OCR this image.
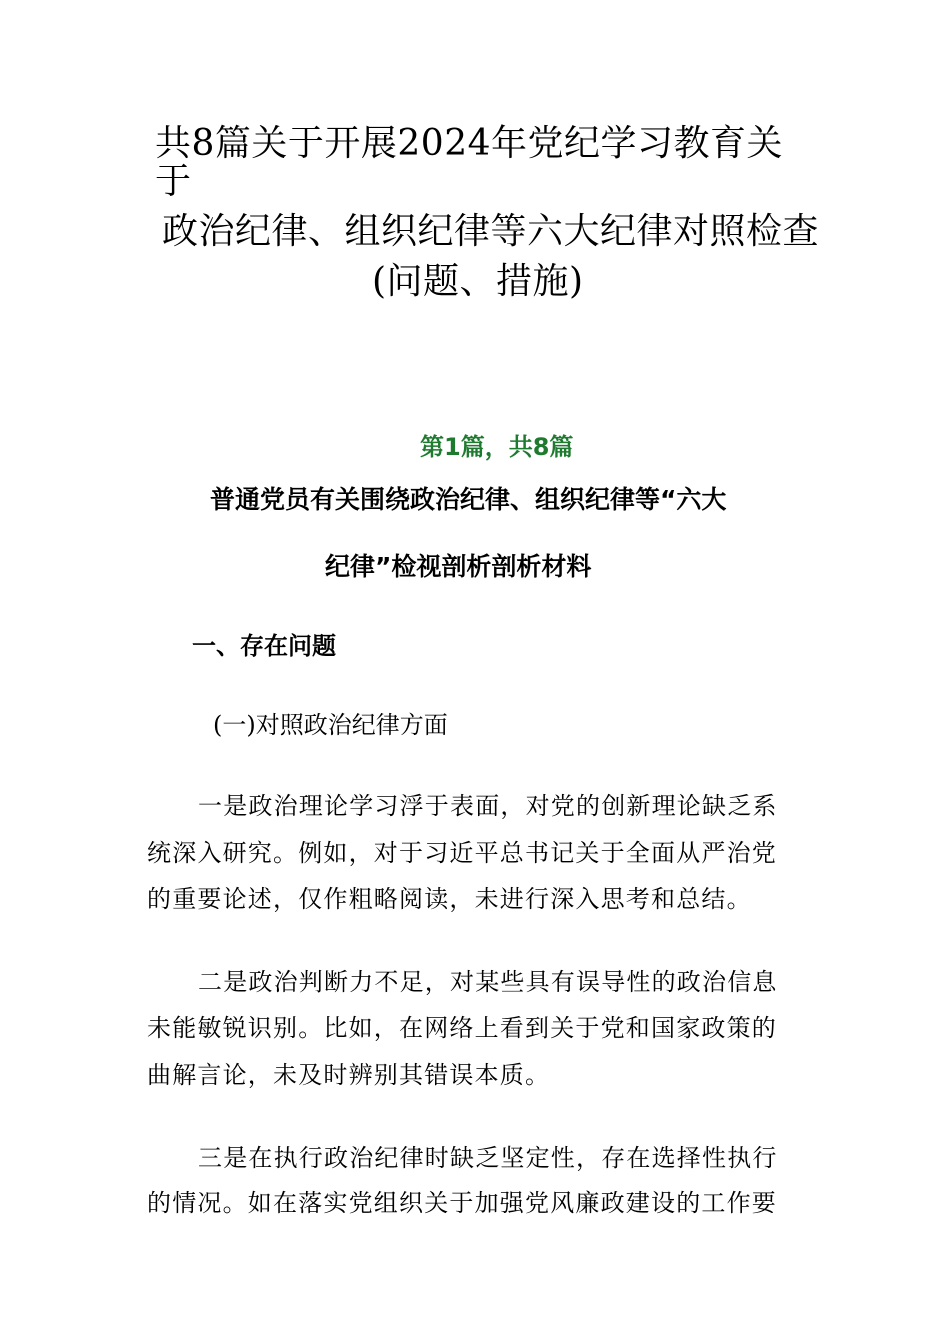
共8篇关于开展2024年党纪学习教育关
于
政治纪律、组织纪律等六大纪律对照检查
(问题、措施)
第1篇，共8篇
普通党员有关围绕政治纪律、组织纪律等“六大
纪律”检视剖析剖析材料
一、存在问题
(一)对照政治纪律方面
一是政治理论学习浮于表面，对党的创新理论缺乏系
统深入研究。例如，对于习近平总书记关于全面从严治党
的重要论述，仅作粗略阅读，未进行深入思考和总结。
二是政治判断力不足，对某些具有误导性的政治信息
未能敏锐识别。比如，在网络上看到关于党和国家政策的
曲解言论，未及时辨别其错误本质。
三是在执行政治纪律时缺乏坚定性，存在选择性执行
的情况。如在落实党组织关于加强党风廉政建设的工作要
